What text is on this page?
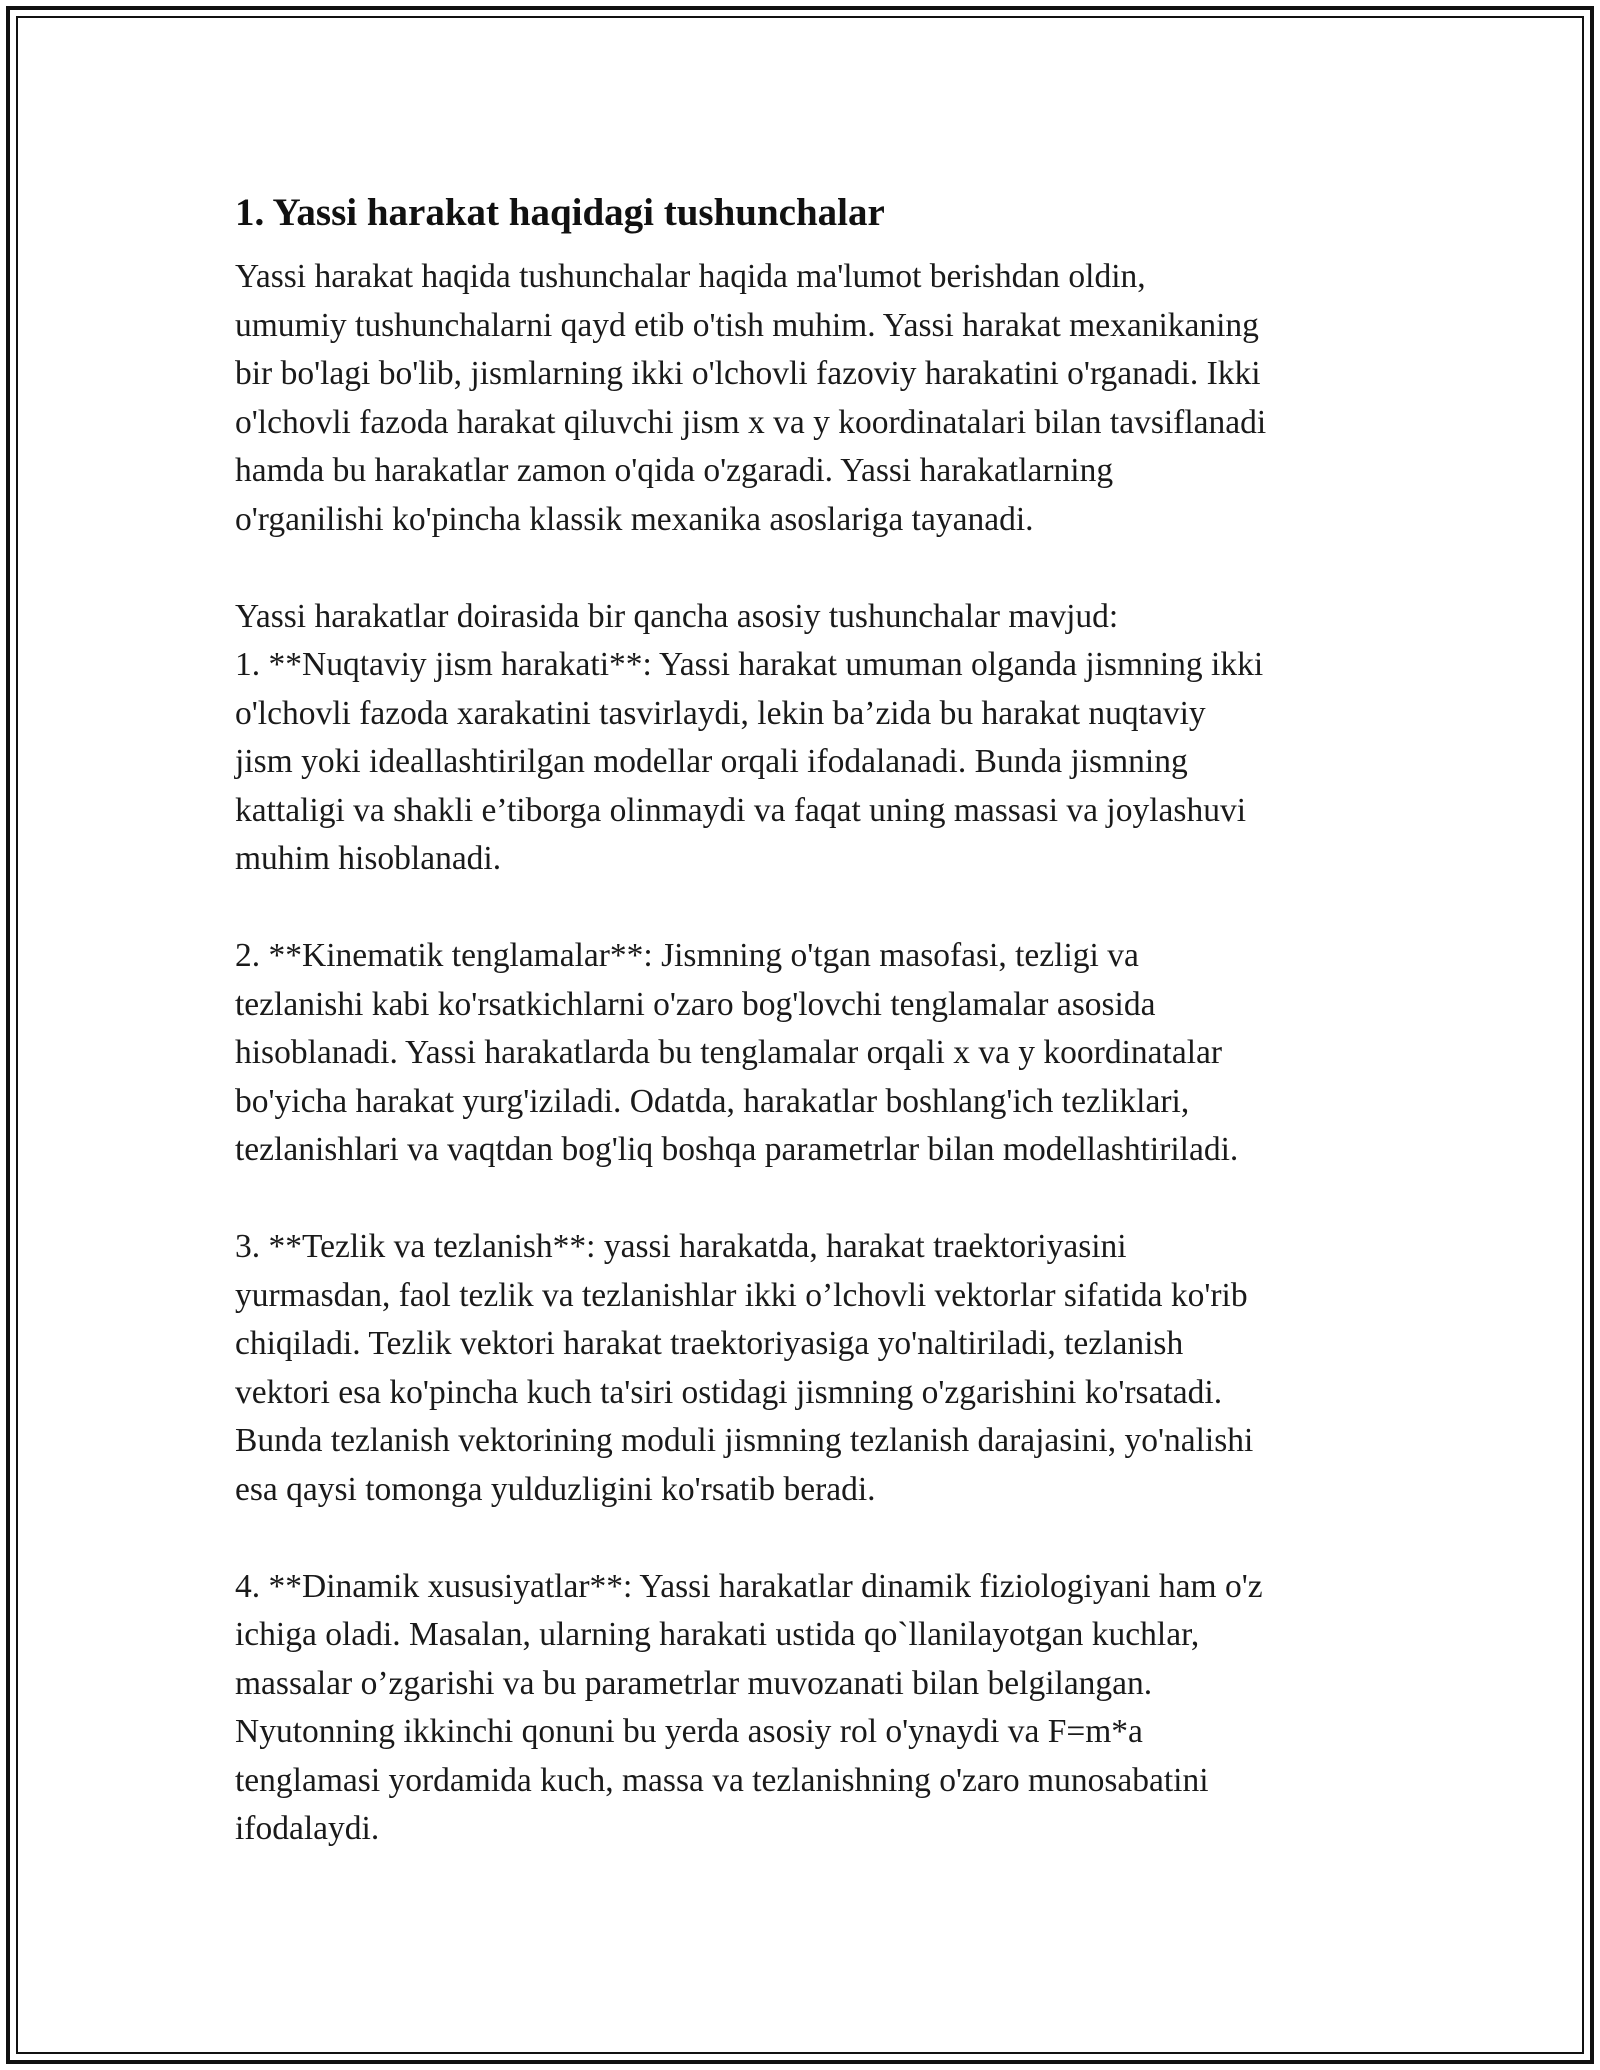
1. Yassi harakat haqidagi tushunchalar

Yassi harakat haqida tushunchalar haqida ma'lumot berishdan oldin,
umumiy tushunchalarni qayd etib o'tish muhim. Yassi harakat mexanikaning
bir bo'lagi bo'lib, jismlarning ikki o'lchovli fazoviy harakatini o'rganadi. Ikki
o'lchovli fazoda harakat qiluvchi jism x va y koordinatalari bilan tavsiflanadi
hamda bu harakatlar zamon o'qida o'zgaradi. Yassi harakatlarning
o'rganilishi ko'pincha klassik mexanika asoslariga tayanadi.

Yassi harakatlar doirasida bir qancha asosiy tushunchalar mavjud:

1. **Nuqtaviy jism harakati**: Yassi harakat umuman olganda jismning ikki
o'lchovli fazoda xarakatini tasvirlaydi, lekin ba’zida bu harakat nuqtaviy
jism yoki ideallashtirilgan modellar orqali ifodalanadi. Bunda jismning
kattaligi va shakli e’tiborga olinmaydi va faqat uning massasi va joylashuvi
muhim hisoblanadi.

2. **Kinematik tenglamalar**: Jismning o'tgan masofasi, tezligi va
tezlanishi kabi ko'rsatkichlarni o'zaro bog'lovchi tenglamalar asosida
hisoblanadi. Yassi harakatlarda bu tenglamalar orqali x va y koordinatalar
bo'yicha harakat yurg'iziladi. Odatda, harakatlar boshlang'ich tezliklari,
tezlanishlari va vaqtdan bog'liq boshqa parametrlar bilan modellashtiriladi.

3. **Tezlik va tezlanish**: yassi harakatda, harakat traektoriyasini
yurmasdan, faol tezlik va tezlanishlar ikki o’lchovli vektorlar sifatida ko'rib
chiqiladi. Tezlik vektori harakat traektoriyasiga yo'naltiriladi, tezlanish
vektori esa ko'pincha kuch ta'siri ostidagi jismning o'zgarishini ko'rsatadi.
Bunda tezlanish vektorining moduli jismning tezlanish darajasini, yo'nalishi
esa qaysi tomonga yulduzligini ko'rsatib beradi.

4. **Dinamik xususiyatlar**: Yassi harakatlar dinamik fiziologiyani ham o'z
ichiga oladi. Masalan, ularning harakati ustida qo`llanilayotgan kuchlar,
massalar o’zgarishi va bu parametrlar muvozanati bilan belgilangan.
Nyutonning ikkinchi qonuni bu yerda asosiy rol o'ynaydi va F=m*a
tenglamasi yordamida kuch, massa va tezlanishning o'zaro munosabatini
ifodalaydi.
